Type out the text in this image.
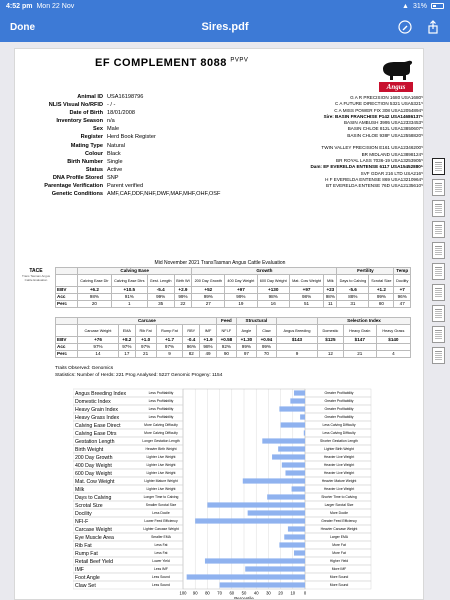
4:52 pm Mon 22 Nov	▲ 31%
Done	Sires.pdf
EF COMPLEMENT 8088 $^{PVPV}$
Angus
Animal ID USA16198796
NLIS Visual No/RFID - / -
Date of Birth 18/01/2008
Inventory Season n/a
Sex Male
Register Herd Book Register
Mating Type Natural
Colour Black
Birth Number Single
Status Active
DNA Profile Stored SNP
Parentage Verification Parent verified
Genetic Conditions AMF,CAF,DDF,NHF,DWF,MAF,MHF,OHF,OSF
G A R PRECISION 1680 USA1680⁵
C A FUTURE DIRECTION 5321 USA5321⁵
C A MISS POWER FIX 308 USA12054894⁵
Sire: BASIN FRANCHISE P142 USA14686137⁵
BASIN AMBUSH 3995 USA12333453⁵
BASIN CHLOE 812L USA13850607⁵
BASIN CHLOE 938F USA12558820⁵

TWIN VALLEY PRECISION E161 USA12346200⁵
BR MIDLAND USA13898124⁵
BR ROYAL LASS 7036-19 USA13253905⁵
Dam: EF EVERELDA ENTENSE 6117 USA15452880⁵
SVF GDAR 216 LTD USA216⁵
H F EVERELDA ENTENSE 869 USA13210964⁵
BT EVERELDA ENTENSE 76D USA12135610⁵
Mid November 2021 TransTasman Angus Cattle Evaluation
TACE
Trans Tasman Angus Cattle Evaluation
	Calving Ease				Growth					Fertility		Temp
	Calving Ease Dir	Calving Ease Dtrs	Gest. Length	Birth Wt	200 Day Growth	400 Day Weight	600 Day Weight	Mat. Cow Weight	Milk	Days to Calving	Scrotal Size	Docility
EBV	+6.2	+10.5	-5.4	+2.9	+52	+97	+130	+97	+23	-5.6	+1.2	+7
Acc	98%	91%	99%	99%	99%	99%	98%	98%	98%	88%	99%	96%
Perc	20	1	35	22	27	19	16	51	11	31	80	47
	Carcase						Feed	Structural			Selection Index		
	Carcase Weight	EMA	Rib Fat	Rump Fat	RBY	IMF	NFI-F	Angle	Claw	Angus Breeding	Domestic	Heavy Grain	Heavy Grass
EBV	+76	+8.2	+1.0	+1.7	-0.4	+1.9	+0.58	+1.30	+0.94	$143	$125	$147	$140
Acc	97%	97%	97%	97%	96%	98%	92%	99%	99%				
Perc	14	17	21	9	82	49	90	97	70	9	12	21	4
Traits Observed: Genomics
Statistics: Number of Herds: 221 Prog Analysed: 5227 Genomic Progeny: 1154
Angus Breeding Index	Less Profitability	Greater Profitability
Domestic Index	Less Profitability	Greater Profitability
Heavy Grain Index	Less Profitability	Greater Profitability
Heavy Grass Index	Less Profitability	Greater Profitability
Calving Ease Direct	More Calving Difficulty	Less Calving Difficulty
Calving Ease Dtrs	More Calving Difficulty	Less Calving Difficulty
Gestation Length	Longer Gestation Length	Shorter Gestation Length
Birth Weight	Heavier Birth Weight	Lighter Birth Weight
200 Day Growth	Lighter Live Weight	Heavier Live Weight
400 Day Weight	Lighter Live Weight	Heavier Live Weight
600 Day Weight	Lighter Live Weight	Heavier Live Weight
Mat. Cow Weight	Lighter Mature Weight	Heavier Mature Weight
Milk	Lighter Live Weight	Heavier Live Weight
Days to Calving	Longer Time to Calving	Shorter Time to Calving
Scrotal Size	Smaller Scrotal Size	Larger Scrotal Size
Docility	Less Docile	More Docile
NFI-F	Lower Feed Efficiency	Greater Feed Efficiency
Carcase Weight	Lighter Carcase Weight	Heavier Carcase Weight
Eye Muscle Area	Smaller EMA	Larger EMA
Rib Fat	Less Fat	More Fat
Rump Fat	Less Fat	More Fat
Retail Beef Yield	Lower Yield	Higher Yield
IMF	Less IMF	More IMF
Foot Angle	Less Sound	More Sound
Claw Set	Less Sound	More Sound
100 90 80 70 60 50 40 30 20 10 0
Percentile
